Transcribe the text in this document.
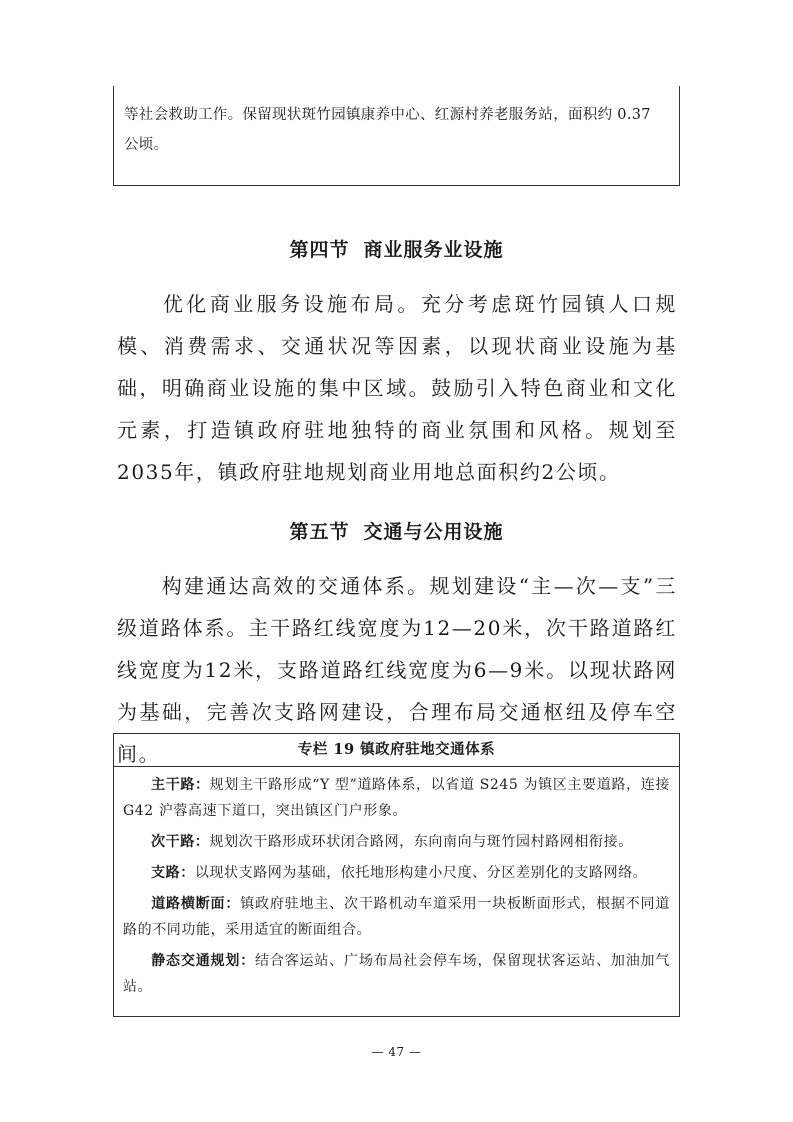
等社会救助工作。保留现状斑竹园镇康养中心、红源村养老服务站，面积约 0.37

公顷。

第四节 商业服务业设施

优化商业服务设施布局。充分考虑斑竹园镇人口规模、消费需求、交通状况等因素，以现状商业设施为基础，明确商业设施的集中区域。鼓励引入特色商业和文化元素，打造镇政府驻地独特的商业氛围和风格。规划至2035年，镇政府驻地规划商业用地总面积约2公顷。

第五节 交通与公用设施

构建通达高效的交通体系。规划建设“主—次—支”三级道路体系。主干路红线宽度为12—20米，次干路道路红线宽度为12米，支路道路红线宽度为6—9米。以现状路网为基础，完善次支路网建设，合理布局交通枢纽及停车空间。	专栏 19 镇政府驻地交通体系

主干路：规划主干路形成“Y 型”道路体系，以省道 S245 为镇区主要道路，连接 G42 沪蓉高速下道口，突出镇区门户形象。

次干路：规划次干路形成环状闭合路网，东向南向与斑竹园村路网相衔接。

支路：以现状支路网为基础，依托地形构建小尺度、分区差别化的支路网络。

道路横断面：镇政府驻地主、次干路机动车道采用一块板断面形式，根据不同道路的不同功能，采用适宜的断面组合。

静态交通规划：结合客运站、广场布局社会停车场，保留现状客运站、加油加气站。

— 47 —
